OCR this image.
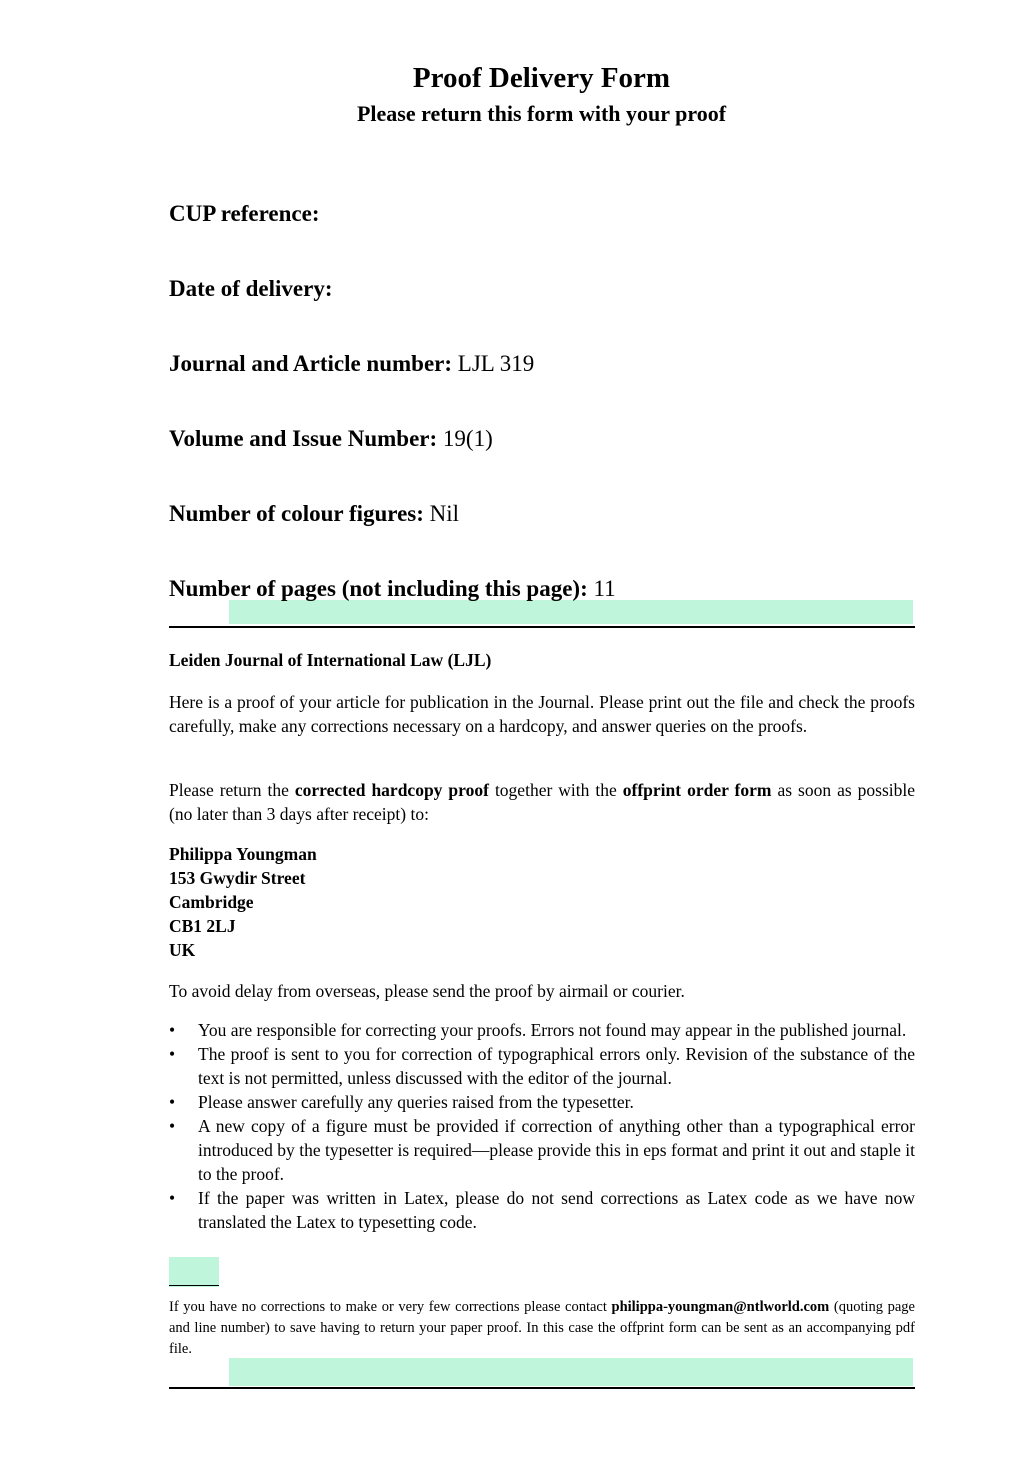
Proof Delivery Form
Please return this form with your proof
CUP reference:
Date of delivery:
Journal and Article number: LJL 319
Volume and Issue Number: 19(1)
Number of colour figures: Nil
Number of pages (not including this page): 11
Leiden Journal of International Law (LJL)
Here is a proof of your article for publication in the Journal. Please print out the file and check the proofs carefully, make any corrections necessary on a hardcopy, and answer queries on the proofs.
Please return the corrected hardcopy proof together with the offprint order form as soon as possible (no later than 3 days after receipt) to:
Philippa Youngman
153 Gwydir Street
Cambridge
CB1 2LJ
UK
To avoid delay from overseas, please send the proof by airmail or courier.
• You are responsible for correcting your proofs. Errors not found may appear in the published journal.
• The proof is sent to you for correction of typographical errors only. Revision of the substance of the text is not permitted, unless discussed with the editor of the journal.
• Please answer carefully any queries raised from the typesetter.
• A new copy of a figure must be provided if correction of anything other than a typographical error introduced by the typesetter is required—please provide this in eps format and print it out and staple it to the proof.
• If the paper was written in Latex, please do not send corrections as Latex code as we have now translated the Latex to typesetting code.
If you have no corrections to make or very few corrections please contact philippa-youngman@ntlworld.com (quoting page and line number) to save having to return your paper proof. In this case the offprint form can be sent as an accompanying pdf file.
